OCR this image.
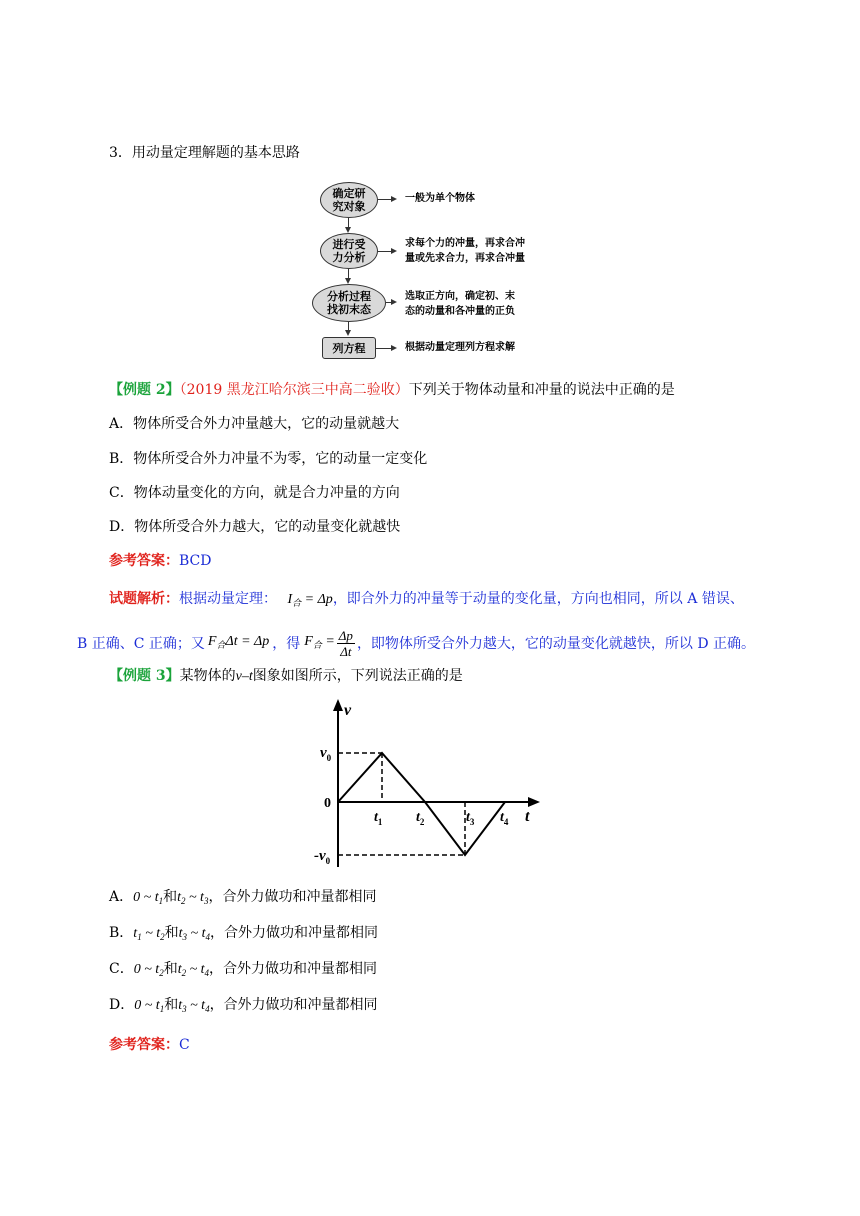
3．用动量定理解题的基本思路
确定研
究对象
一般为单个物体
进行受
力分析
求每个力的冲量，再求合冲
量或先求合力，再求合冲量
分析过程
找初末态
选取正方向，确定初、末
态的动量和各冲量的正负
列方程	根据动量定理列方程求解
【例题 2】（2019 黑龙江哈尔滨三中高二验收）下列关于物体动量和冲量的说法中正确的是
A．物体所受合外力冲量越大，它的动量就越大
B．物体所受合外力冲量不为零，它的动量一定变化
C．物体动量变化的方向，就是合力冲量的方向
D．物体所受合外力越大，它的动量变化就越快
参考答案：BCD
试题解析：根据动量定理： $I_合 = \Delta p$，即合外力的冲量等于动量的变化量，方向也相同，所以 A 错误、
B 正确、C 正确；又 $F_合\Delta t = \Delta p$ ，得 $F_合 = \frac{\Delta p}{\Delta t}$ ，即物体所受合外力越大，它的动量变化就越快，所以 D 正确。
【例题 3】某物体的v–t图象如图所示，下列说法正确的是
v
t
0
$v_0$
$-v_0$
$t_1$ $t_2$	$t_3$ $t_4$
A．0 ~ $t_1$和$t_2$ ~ $t_3$，合外力做功和冲量都相同
B．$t_1$ ~ $t_2$和$t_3$ ~ $t_4$，合外力做功和冲量都相同
C．0 ~ $t_2$和$t_2$ ~ $t_4$，合外力做功和冲量都相同
D．0 ~ $t_1$和$t_3$ ~ $t_4$，合外力做功和冲量都相同
参考答案：C
